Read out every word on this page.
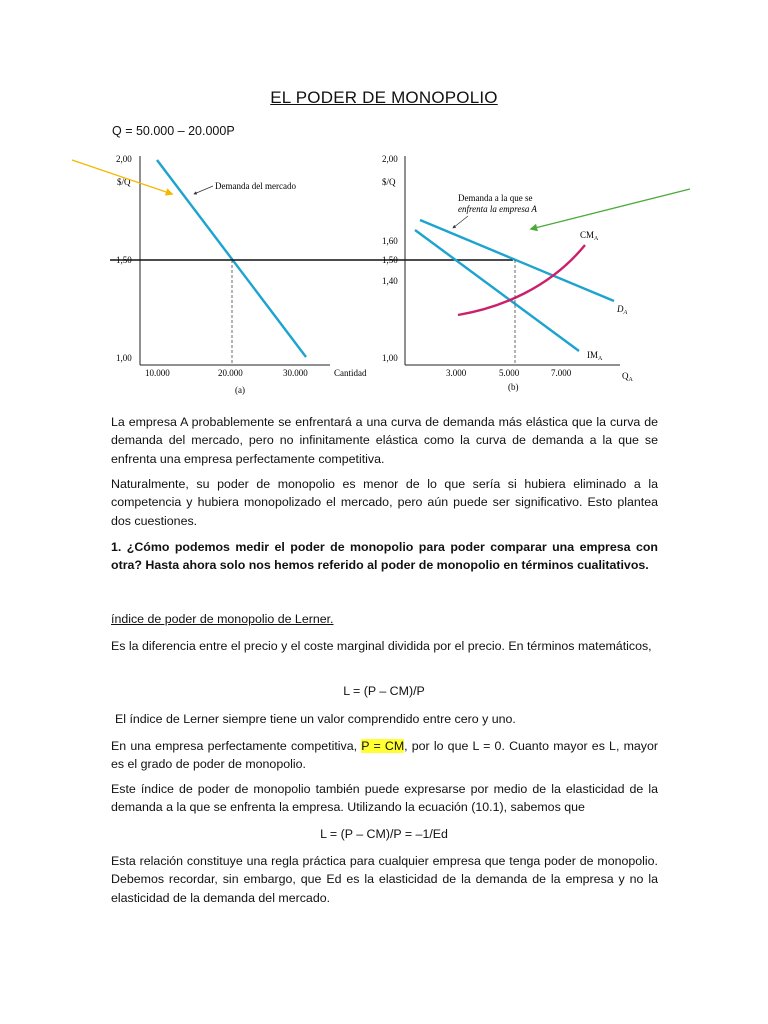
EL PODER DE MONOPOLIO
Q = 50.000 – 20.000P
2,00
$/Q
1,50
1,00
10.000	20.000	30.000	Cantidad
(a)
Demanda del mercado
2,00
$/Q
1,60
1,50
1,40
1,00
3.000	5.000	7.000	$Q_A$
(b)
Demanda a la que se
enfrenta la empresa A
$CM_A$
$D_A$
$IM_A$

La empresa A probablemente se enfrentará a una curva de demanda más elástica que la curva de demanda del mercado, pero no infinitamente elástica como la curva de demanda a la que se enfrenta una empresa perfectamente competitiva.

Naturalmente, su poder de monopolio es menor de lo que sería si hubiera eliminado a la competencia y hubiera monopolizado el mercado, pero aún puede ser significativo. Esto plantea dos cuestiones.

1. ¿Cómo podemos medir el poder de monopolio para poder comparar una empresa con otra? Hasta ahora solo nos hemos referido al poder de monopolio en términos cualitativos.

índice de poder de monopolio de Lerner.

Es la diferencia entre el precio y el coste marginal dividida por el precio. En términos matemáticos,

L = (P – CM)/P

El índice de Lerner siempre tiene un valor comprendido entre cero y uno.

En una empresa perfectamente competitiva, P = CM, por lo que L = 0. Cuanto mayor es L, mayor es el grado de poder de monopolio.

Este índice de poder de monopolio también puede expresarse por medio de la elasticidad de la demanda a la que se enfrenta la empresa. Utilizando la ecuación (10.1), sabemos que

L = (P – CM)/P = –1/Ed

Esta relación constituye una regla práctica para cualquier empresa que tenga poder de monopolio. Debemos recordar, sin embargo, que Ed es la elasticidad de la demanda de la empresa y no la elasticidad de la demanda del mercado.
